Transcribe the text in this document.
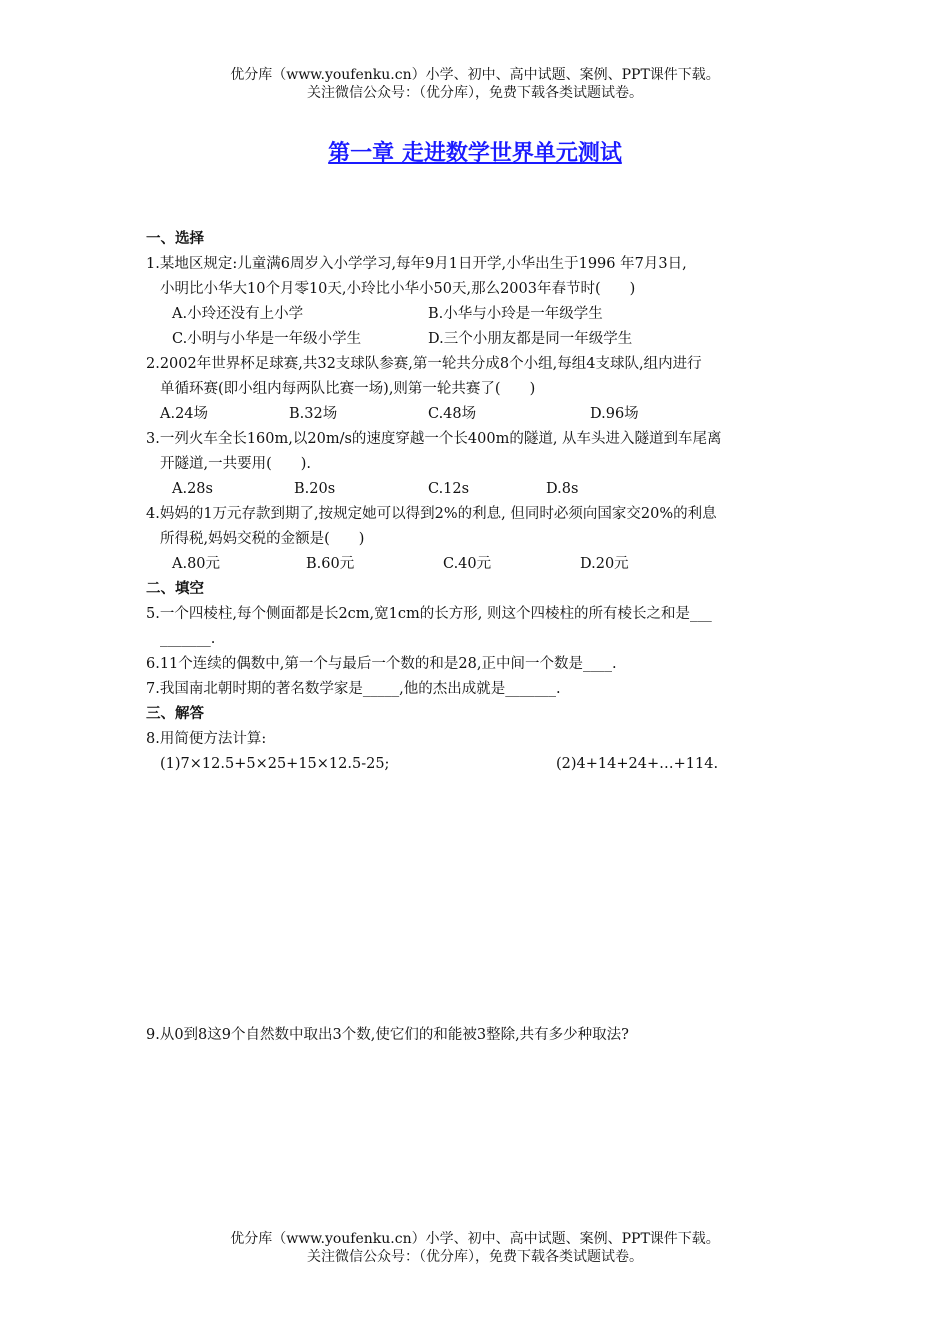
优分库（www.youfenku.cn）小学、初中、高中试题、案例、PPT课件下载。
关注微信公众号：（优分库），免费下载各类试题试卷。
第一章 走进数学世界单元测试
一、选择
1.某地区规定:儿童满6周岁入小学学习,每年9月1日开学,小华出生于1996 年7月3日,
小明比小华大10个月零10天,小玲比小华小50天,那么2003年春节时(　　)
A.小玲还没有上小学	B.小华与小玲是一年级学生
C.小明与小华是一年级小学生	D.三个小朋友都是同一年级学生
2.2002年世界杯足球赛,共32支球队参赛,第一轮共分成8个小组,每组4支球队,组内进行
单循环赛(即小组内每两队比赛一场),则第一轮共赛了(　　)
A.24场	B.32场	C.48场	D.96场
3.一列火车全长160m,以20m/s的速度穿越一个长400m的隧道, 从车头进入隧道到车尾离
开隧道,一共要用(　　).
A.28s	B.20s	C.12s	D.8s
4.妈妈的1万元存款到期了,按规定她可以得到2%的利息, 但同时必须向国家交20%的利息
所得税,妈妈交税的金额是(　　)
A.80元	B.60元	C.40元	D.20元
二、填空
5.一个四棱柱,每个侧面都是长2cm,宽1cm的长方形, 则这个四棱柱的所有棱长之和是___
_______.
6.11个连续的偶数中,第一个与最后一个数的和是28,正中间一个数是____.
7.我国南北朝时期的著名数学家是_____,他的杰出成就是_______.
三、解答
8.用简便方法计算:
(1)7×12.5+5×25+15×12.5-25;	(2)4+14+24+…+114.
9.从0到8这9个自然数中取出3个数,使它们的和能被3整除,共有多少种取法?
优分库（www.youfenku.cn）小学、初中、高中试题、案例、PPT课件下载。
关注微信公众号：（优分库），免费下载各类试题试卷。
